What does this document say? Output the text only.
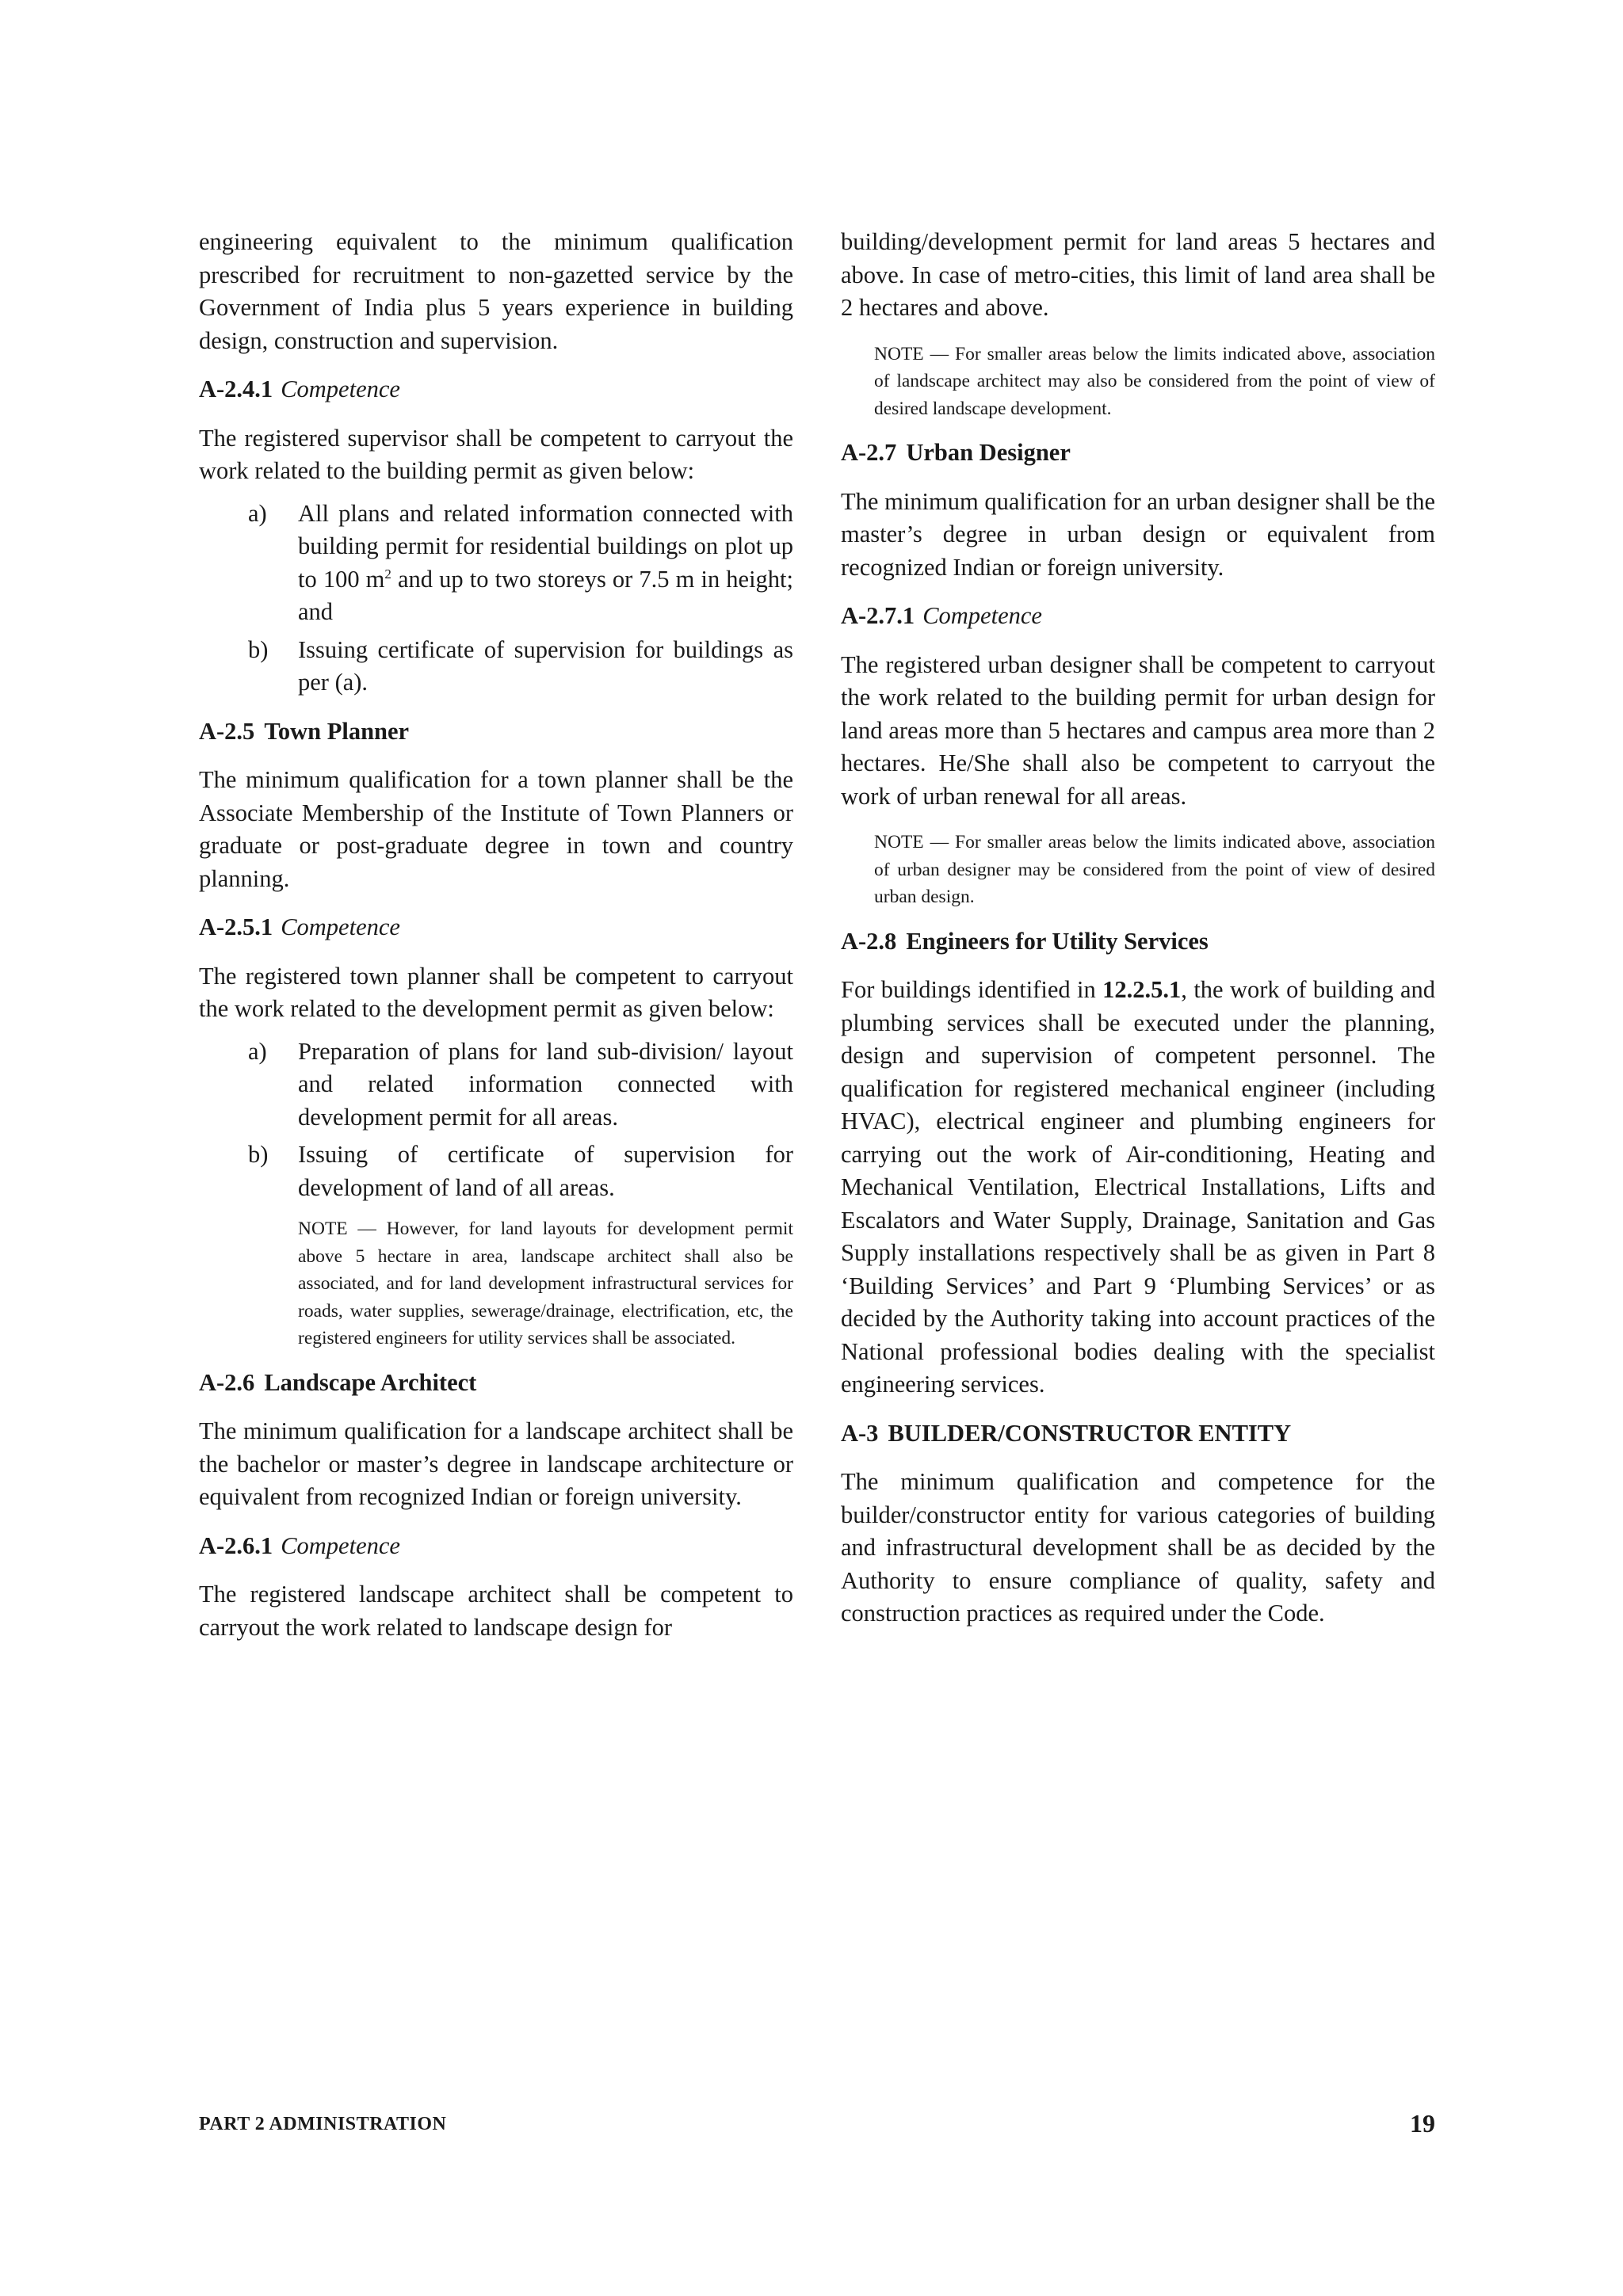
engineering equivalent to the minimum qualification prescribed for recruitment to non-gazetted service by the Government of India plus 5 years experience in building design, construction and supervision.

A-2.4.1 Competence

The registered supervisor shall be competent to carryout the work related to the building permit as given below:

a) All plans and related information connected with building permit for residential buildings on plot up to 100 $m^2$ and up to two storeys or 7.5 m in height; and
b) Issuing certificate of supervision for buildings as per (a).

A-2.5 Town Planner

The minimum qualification for a town planner shall be the Associate Membership of the Institute of Town Planners or graduate or post-graduate degree in town and country planning.

A-2.5.1 Competence

The registered town planner shall be competent to carryout the work related to the development permit as given below:

a) Preparation of plans for land sub-division/ layout and related information connected with development permit for all areas.
b) Issuing of certificate of supervision for development of land of all areas.

NOTE — However, for land layouts for development permit above 5 hectare in area, landscape architect shall also be associated, and for land development infrastructural services for roads, water supplies, sewerage/drainage, electrification, etc, the registered engineers for utility services shall be associated.

A-2.6 Landscape Architect

The minimum qualification for a landscape architect shall be the bachelor or master’s degree in landscape architecture or equivalent from recognized Indian or foreign university.

A-2.6.1 Competence

The registered landscape architect shall be competent to carryout the work related to landscape design for

building/development permit for land areas 5 hectares and above. In case of metro-cities, this limit of land area shall be 2 hectares and above.

NOTE — For smaller areas below the limits indicated above, association of landscape architect may also be considered from the point of view of desired landscape development.

A-2.7 Urban Designer

The minimum qualification for an urban designer shall be the master’s degree in urban design or equivalent from recognized Indian or foreign university.

A-2.7.1 Competence

The registered urban designer shall be competent to carryout the work related to the building permit for urban design for land areas more than 5 hectares and campus area more than 2 hectares. He/She shall also be competent to carryout the work of urban renewal for all areas.

NOTE — For smaller areas below the limits indicated above, association of urban designer may be considered from the point of view of desired urban design.

A-2.8 Engineers for Utility Services

For buildings identified in 12.2.5.1, the work of building and plumbing services shall be executed under the planning, design and supervision of competent personnel. The qualification for registered mechanical engineer (including HVAC), electrical engineer and plumbing engineers for carrying out the work of Air-conditioning, Heating and Mechanical Ventilation, Electrical Installations, Lifts and Escalators and Water Supply, Drainage, Sanitation and Gas Supply installations respectively shall be as given in Part 8 ‘Building Services’ and Part 9 ‘Plumbing Services’ or as decided by the Authority taking into account practices of the National professional bodies dealing with the specialist engineering services.

A-3 BUILDER/CONSTRUCTOR ENTITY

The minimum qualification and competence for the builder/constructor entity for various categories of building and infrastructural development shall be as decided by the Authority to ensure compliance of quality, safety and construction practices as required under the Code.

PART 2 ADMINISTRATION	19
